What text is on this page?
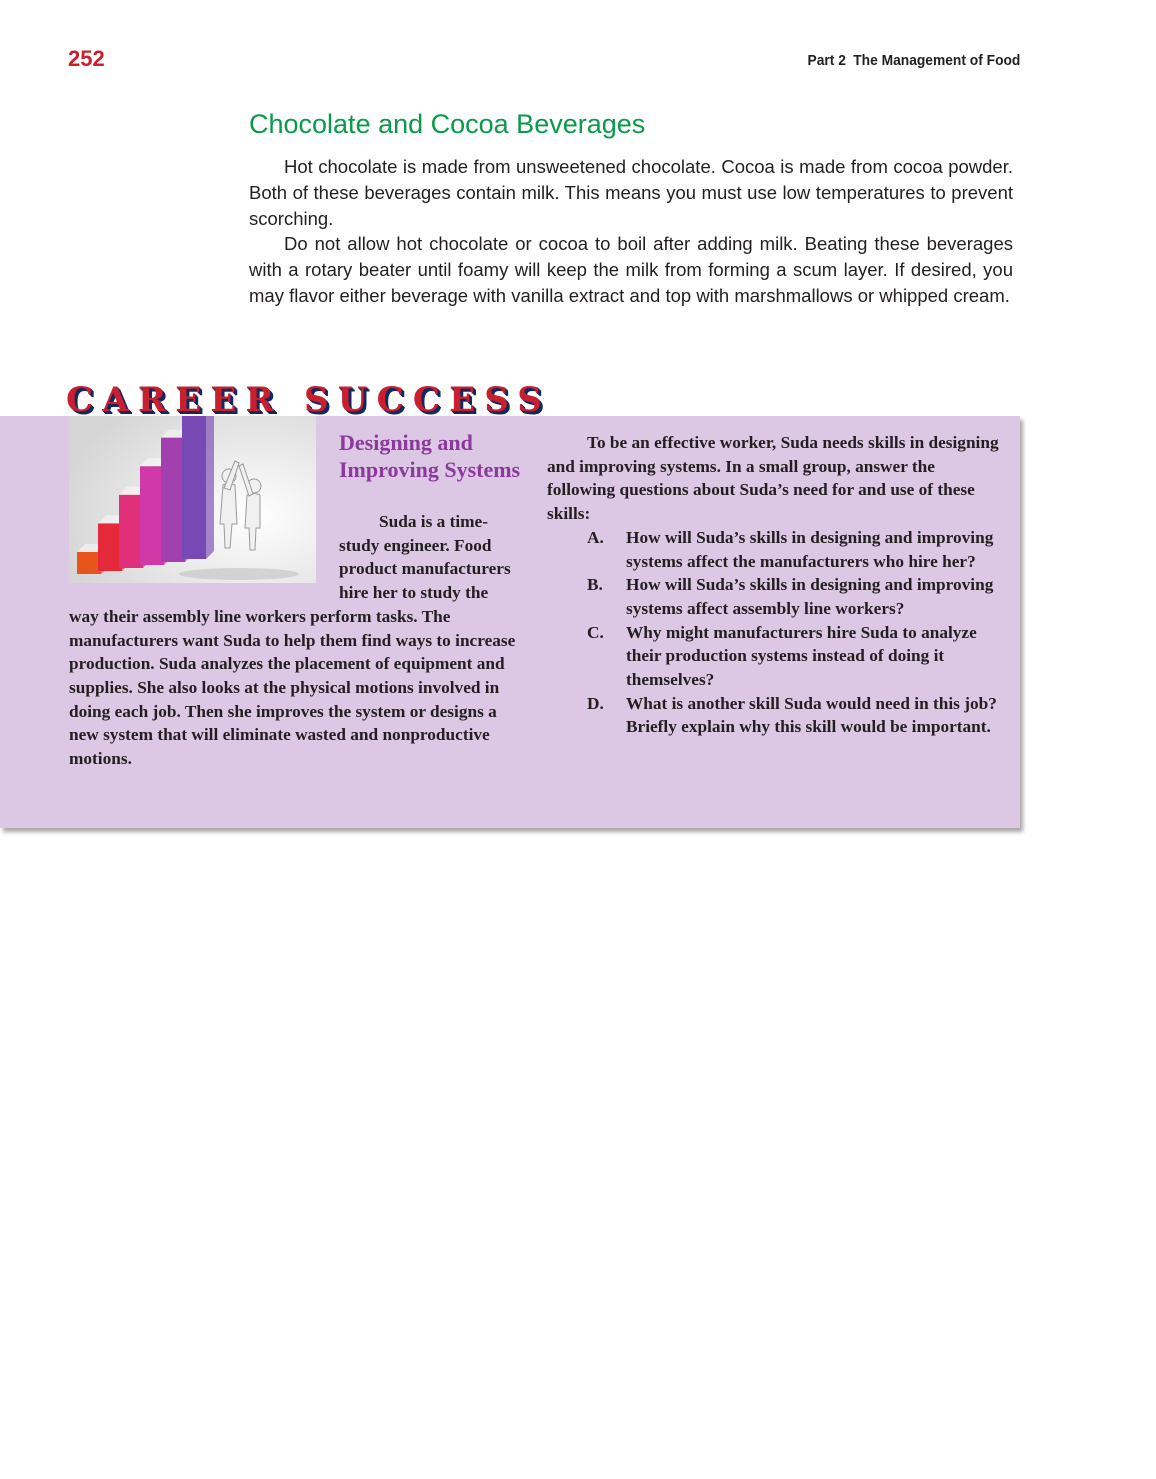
252	Part 2 The Management of Food
Chocolate and Cocoa Beverages

Hot chocolate is made from unsweetened chocolate. Cocoa is made from cocoa powder. Both of these beverages contain milk. This means you must use low temperatures to prevent scorching.

Do not allow hot chocolate or cocoa to boil after adding milk. Beating these beverages with a rotary beater until foamy will keep the milk from forming a scum layer. If desired, you may flavor either beverage with vanilla extract and top with marshmallows or whipped cream.

CAREER SUCCESS
Designing and Improving Systems

Suda is a time-study engineer. Food product manufacturers hire her to study the way their assembly line workers perform tasks. The manufacturers want Suda to help them find ways to increase production. Suda analyzes the placement of equipment and supplies. She also looks at the physical motions involved in doing each job. Then she improves the system or designs a new system that will eliminate wasted and nonproductive motions.

To be an effective worker, Suda needs skills in designing and improving systems. In a small group, answer the following questions about Suda’s need for and use of these skills:

A. How will Suda’s skills in designing and improving systems affect the manufacturers who hire her?
B. How will Suda’s skills in designing and improving systems affect assembly line workers?
C. Why might manufacturers hire Suda to analyze their production systems instead of doing it themselves?
D. What is another skill Suda would need in this job? Briefly explain why this skill would be important.
